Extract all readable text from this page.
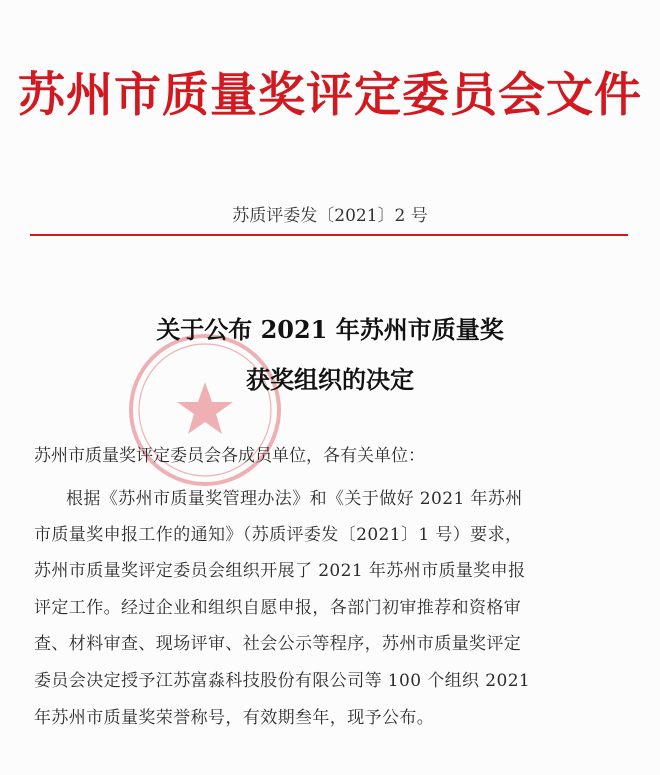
苏州市质量奖评定委员会文件
苏质评委发〔2021〕2 号
关于公布 2021 年苏州市质量奖
获奖组织的决定
苏州市质量奖评定委员会各成员单位，各有关单位：
根据《苏州市质量奖管理办法》和《关于做好 2021 年苏州
市质量奖申报工作的通知》（苏质评委发〔2021〕1 号）要求，
苏州市质量奖评定委员会组织开展了 2021 年苏州市质量奖申报
评定工作。经过企业和组织自愿申报，各部门初审推荐和资格审
查、材料审查、现场评审、社会公示等程序，苏州市质量奖评定
委员会决定授予江苏富淼科技股份有限公司等 100 个组织 2021
年苏州市质量奖荣誉称号，有效期叁年，现予公布。
